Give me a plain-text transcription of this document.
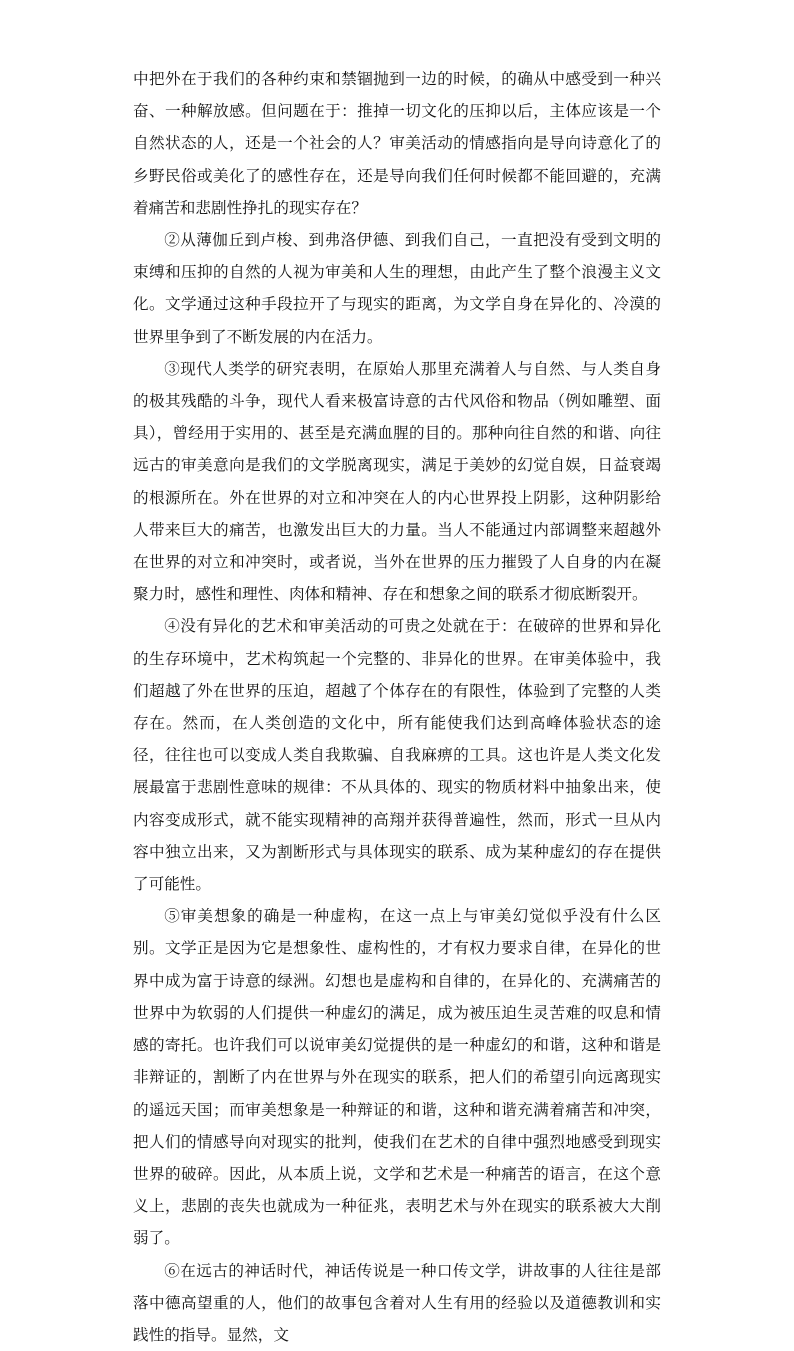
中把外在于我们的各种约束和禁锢抛到一边的时候，的确从中感受到一种兴奋、一种解放感。但问题在于：推掉一切文化的压抑以后，主体应该是一个自然状态的人，还是一个社会的人？审美活动的情感指向是导向诗意化了的乡野民俗或美化了的感性存在，还是导向我们任何时候都不能回避的，充满着痛苦和悲剧性挣扎的现实存在？

②从薄伽丘到卢梭、到弗洛伊德、到我们自己，一直把没有受到文明的束缚和压抑的自然的人视为审美和人生的理想，由此产生了整个浪漫主义文化。文学通过这种手段拉开了与现实的距离，为文学自身在异化的、冷漠的世界里争到了不断发展的内在活力。

③现代人类学的研究表明，在原始人那里充满着人与自然、与人类自身的极其残酷的斗争，现代人看来极富诗意的古代风俗和物品（例如雕塑、面具），曾经用于实用的、甚至是充满血腥的目的。那种向往自然的和谐、向往远古的审美意向是我们的文学脱离现实，满足于美妙的幻觉自娱，日益衰竭的根源所在。外在世界的对立和冲突在人的内心世界投上阴影，这种阴影给人带来巨大的痛苦，也激发出巨大的力量。当人不能通过内部调整来超越外在世界的对立和冲突时，或者说，当外在世界的压力摧毁了人自身的内在凝聚力时，感性和理性、肉体和精神、存在和想象之间的联系才彻底断裂开。

④没有异化的艺术和审美活动的可贵之处就在于：在破碎的世界和异化的生存环境中，艺术构筑起一个完整的、非异化的世界。在审美体验中，我们超越了外在世界的压迫，超越了个体存在的有限性，体验到了完整的人类存在。然而，在人类创造的文化中，所有能使我们达到高峰体验状态的途径，往往也可以变成人类自我欺骗、自我麻痹的工具。这也许是人类文化发展最富于悲剧性意味的规律：不从具体的、现实的物质材料中抽象出来，使内容变成形式，就不能实现精神的高翔并获得普遍性，然而，形式一旦从内容中独立出来，又为割断形式与具体现实的联系、成为某种虚幻的存在提供了可能性。

⑤审美想象的确是一种虚构，在这一点上与审美幻觉似乎没有什么区别。文学正是因为它是想象性、虚构性的，才有权力要求自律，在异化的世界中成为富于诗意的绿洲。幻想也是虚构和自律的，在异化的、充满痛苦的世界中为软弱的人们提供一种虚幻的满足，成为被压迫生灵苦难的叹息和情感的寄托。也许我们可以说审美幻觉提供的是一种虚幻的和谐，这种和谐是非辩证的，割断了内在世界与外在现实的联系，把人们的希望引向远离现实的遥远天国；而审美想象是一种辩证的和谐，这种和谐充满着痛苦和冲突，把人们的情感导向对现实的批判，使我们在艺术的自律中强烈地感受到现实世界的破碎。因此，从本质上说，文学和艺术是一种痛苦的语言，在这个意义上，悲剧的丧失也就成为一种征兆，表明艺术与外在现实的联系被大大削弱了。

⑥在远古的神话时代，神话传说是一种口传文学，讲故事的人往往是部落中德高望重的人，他们的故事包含着对人生有用的经验以及道德教训和实践性的指导。显然，文
